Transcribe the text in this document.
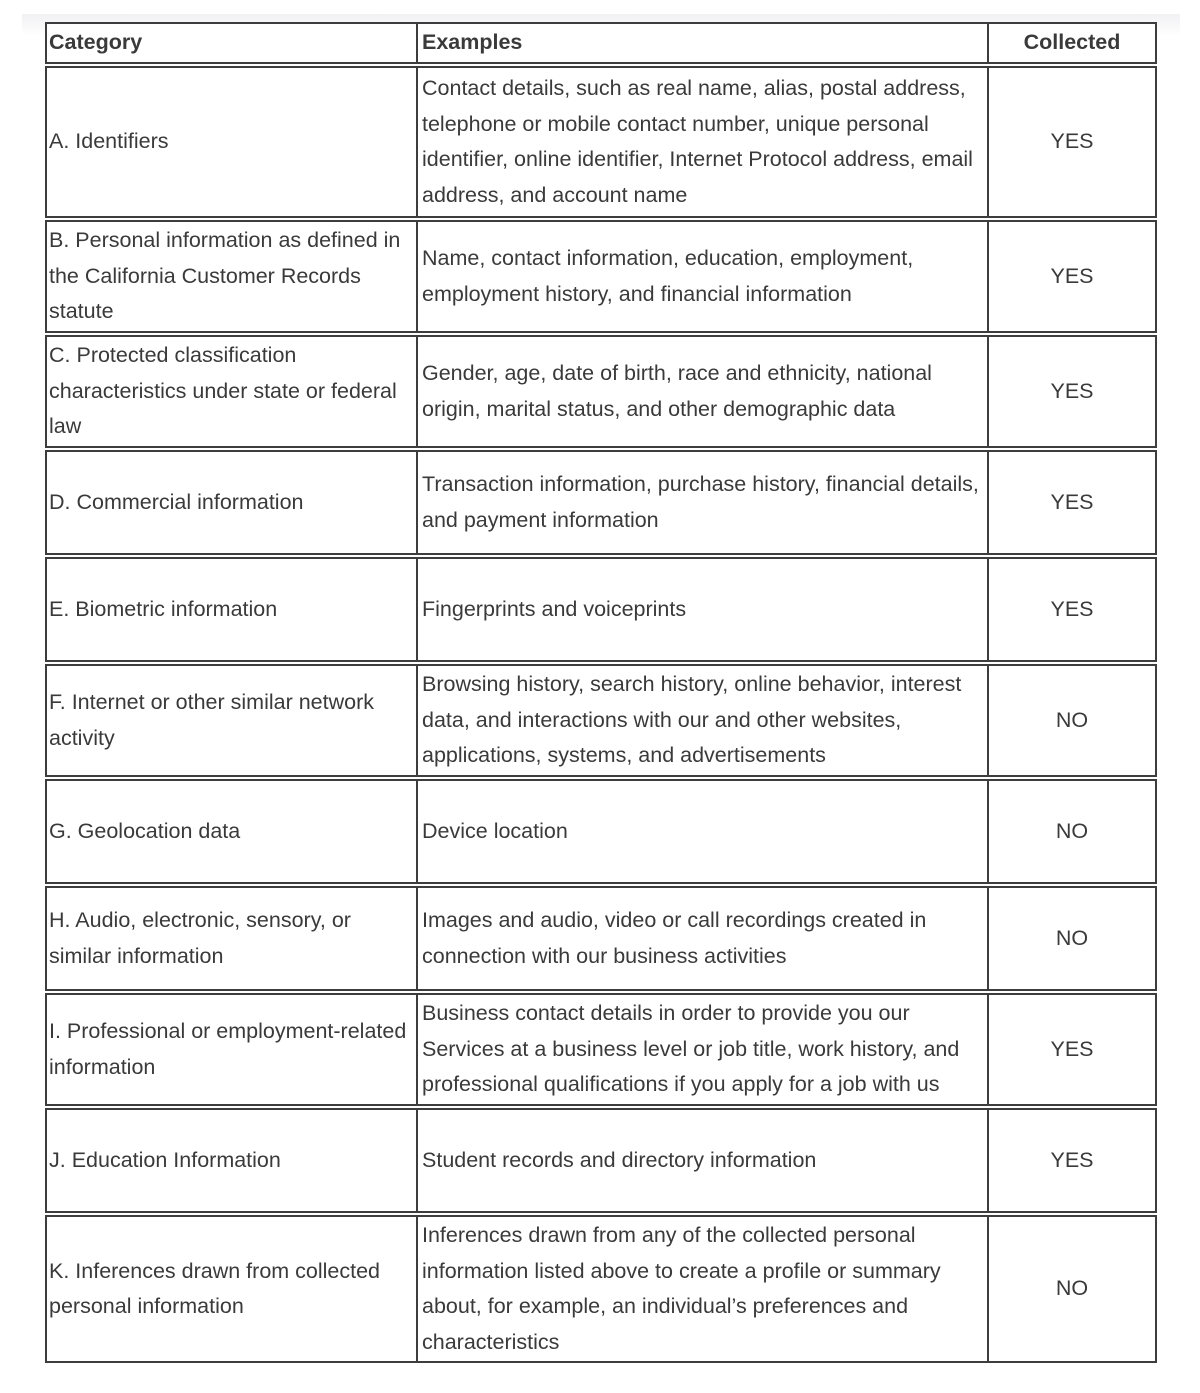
Category	Examples	Collected
A. Identifiers	Contact details, such as real name, alias, postal address, telephone or mobile contact number, unique personal identifier, online identifier, Internet Protocol address, email address, and account name	YES
B. Personal information as defined in the California Customer Records statute	Name, contact information, education, employment, employment history, and financial information	YES
C. Protected classification characteristics under state or federal law	Gender, age, date of birth, race and ethnicity, national origin, marital status, and other demographic data	YES
D. Commercial information	Transaction information, purchase history, financial details, and payment information	YES
E. Biometric information	Fingerprints and voiceprints	YES
F. Internet or other similar network activity	Browsing history, search history, online behavior, interest data, and interactions with our and other websites, applications, systems, and advertisements	NO
G. Geolocation data	Device location	NO
H. Audio, electronic, sensory, or similar information	Images and audio, video or call recordings created in connection with our business activities	NO
I. Professional or employment-related information	Business contact details in order to provide you our Services at a business level or job title, work history, and professional qualifications if you apply for a job with us	YES
J. Education Information	Student records and directory information	YES
K. Inferences drawn from collected personal information	Inferences drawn from any of the collected personal information listed above to create a profile or summary about, for example, an individual’s preferences and characteristics	NO
